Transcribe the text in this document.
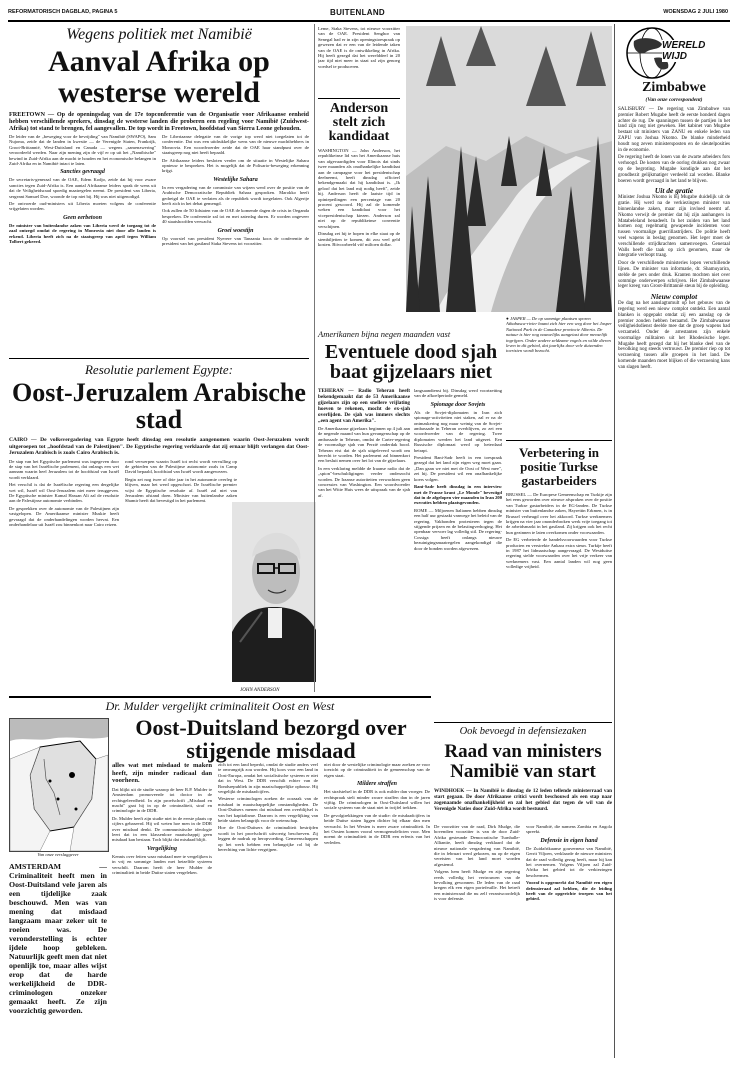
REFORMATORISCH DAGBLAD, PAGINA 5	BUITENLAND	WOENSDAG 2 JULI 1980
Wegens politiek met Namibië
Aanval Afrika op westerse wereld

FREETOWN — Op de openingsdag van de 17e topconferentie van de Organisatie voor Afrikaanse eenheid hebben verschillende sprekers, dinsdag de westerse landen die proberen een regeling voor Namibië (Zuidwest-Afrika) tot stand te brengen, fel aangevallen. De top wordt in Freetown, hoofdstad van Sierra Leone gehouden.

De leider van de „beweging voor de bevrijding" van Namibië (SWAPO), Sam Nujoma, zeide dat de landen in kwestie — de Verenigde Staten, Frankrijk, Groot-Brittannië, West-Duitsland en Canada — wegens „samenzwering" veroordeeld werden. Naar zijn mening zijn de vijf er op uit het „Namibische" bewind in Zuid-Afrika aan de macht te houden en het economische belangen in Zuid-Afrika en in Namibië intact te laten.

Sancties gevraagd

De secretaris-generaal van de OAE, Edem Kodjo, zeide dat hij voor zware sancties tegen Zuid-Afrika is. Een aantal Afrikaanse leiders sprak de wens uit dat de Veiligheidsraad spoedig maatregelen neemt. De president van Liberia, sergeant Samuel Doe, woonde de top niet bij. Hij was niet uitgenodigd.

De ontvoerde oud-ministers uit Liberia moeten volgens de conferentie vrijgelaten worden.

Geen eerbetoon

De minister van buitenlandse zaken van Liberia werd de toegang tot de zaal ontzegd omdat de regering in Monrovia niet door alle landen is erkend. Liberia heeft zich na de staatsgreep van april tegen William Tolbert gekeerd.

De Liberiaanse delegatie van de vorige top werd niet toegelaten tot de conferentie. Dat was een uitdrukkelijke wens van de nieuwe machthebbers in Monrovia. Een woordvoerder zeide dat de OAE haar standpunt over de staatsgreep nog niet heeft bepaald.

De Afrikaanse leiders besloten verder om de situatie in Westelijke Sahara opnieuw te bespreken. Het is mogelijk dat de Polisario-beweging erkenning krijgt.

Westelijke Sahara

In een vergadering van de commissie van wijzen werd over de positie van de Arabische Democratische Republiek Sahara gesproken. Marokko heeft gedreigd de OAE te verlaten als de republiek wordt toegelaten. Ook Algerije heeft zich in het debat gemengd.

Ook zullen de 50 lidstaten van de OAE de komende dagen de crisis in Oeganda bespreken. De conferentie zal tot en met zaterdag duren. Er worden ongeveer 40 staatshoofden verwacht.

Groei woestijn

Op voorstel van president Nyerere van Tanzania koos de conferentie de president van het gastland Siaka Stevens tot voorzitter.

Leme, Siaka Stevens, tot nieuwe voorzitter van de OAE. President Senghor van Senegal had er in zijn openingstoespraak op gewezen dat er een van de leidende taken van de OAE is de ontwikkeling in Afrika. Hij heeft gezegd dat het werelddeel in 20 jaar tijd niet meer in staat zal zijn genoeg voedsel te produceren.

Anderson stelt zich kandidaat

WASHINGTON — John Anderson, het republikeinse lid van het Amerikaanse huis van afgevaardigden voor Illinois dat sinds twee maanden als onafhankelijke kandidaat aan de campagne voor het presidentschap deelneemt, heeft dinsdag officieel bekendgemaakt dat hij kandidaat is. „Ik geloof dat het land mij nodig heeft", zeide hij. Anderson heeft de laatste tijd in opiniepeilingen een percentage van 20 procent gescoord. Hij zal de komende weken een kandidaat voor het vicepresidentschap kiezen. Anderson zal niet op de republikeinse conventie verschijnen.

Dinsdag zei hij te hopen in elke staat op de stembiljetten te komen, dit zou veel geld kosten. Bijvoorbeeld vijf miljoen dollar.

● JASPER — De op sommige plaatsen sporen Athabasca-rivier baant zich hier een weg door het Jasper National Park in de Canadese provincie Alberta. De natuur is hier nog nauwelijks aangetast door menselijk ingrijpen. Onder andere zeldzame vogels en wilde dieren leven in dit gebied, dat jaarlijks door vele duizenden toeristen wordt bezocht.
WERELD WIJD
Zimbabwe
(Van onze correspondent)

SALISBURY — De regering van Zimbabwe van premier Robert Mugabe heeft de eerste honderd dagen achter de rug. De spanningen tussen de partijen in het land zijn nog niet geweken. Het kabinet van Mugabe bestaat uit ministers van ZANU en enkele leden van ZAPU van Joshua Nkomo. De blanke minderheid houdt nog zeven ministersposten en de sleutelposities in de economie.

De regering heeft de lonen van de zwarte arbeiders fors verhoogd. De kosten van de oorlog drukken nog zwaar op de begroting. Mugabe kondigde aan dat het grondbezit gelijkmatiger verdeeld zal worden. Blanke boeren wordt gevraagd in het land te blijven.

Uit de gratie

Minister Joshua Nkomo is bij Mugabe duidelijk uit de gratie. Hij werd na de verkiezingen minister van binnenlandse zaken, maar zijn invloed neemt af. Nkomo verwijt de premier dat hij zijn aanhangers in Matabeleland benadeelt. In het zuiden van het land komen nog regelmatig gewapende incidenten voor tussen voormalige guerrillastrijders. De politie heeft veel wapens in beslag genomen. Het leger moet de verschillende strijdkrachten samenvoegen. Generaal Walls heeft die taak op zich genomen, maar de integratie verloopt traag.

Door de verschillende ministeries lopen verschillende lijnen. De minister van informatie, dr. Shamuyarira, stelde de pers onder druk. Kranten mochten niet over sommige onderwerpen schrijven. Het Zimbabwaanse leger kreeg van Groot-Brittannië steun bij de opleiding.

Nieuw complot

De dag na het aanslagtumult op het gebouw van de regering werd een nieuw complot ontdekt. Een aantal blanken is opgepakt omdat zij een aanslag op de premier zouden hebben beraamd. De Zimbabwaanse veiligheidsdienst deelde mee dat de groep wapens had verzameld. Onder de arrestanten zijn enkele voormalige militairen uit het Rhodesische leger. Mugabe heeft gezegd dat hij het blanke deel van de bevolking nog steeds vertrouwt. De premier riep op tot verzoening tussen alle groepen in het land. De komende maanden moet blijken of die verzoening kans van slagen heeft.

Amerikanen bijna negen maanden vast
Eventuele dood sjah baat gijzelaars niet

TEHERAN — Radio Teheran heeft bekendgemaakt dat de 53 Amerikaanse gijzelaars zijn op een snellere vrijlating hoeven te rekenen, mocht de ex-sjah overlijden. De sjah was immers slechts „een agent van Amerika".

De Amerikaanse gijzelaars beginnen op 4 juli aan de negende maand van hun gevangenschap op de ambassade in Teheran, omdat de Carter-regering de voormalige sjah van Perzië onderdak bood. Teheran eist dat de sjah uitgeleverd wordt om berecht te worden. Het parlement zal binnenkort een besluit nemen over het lot van de gijzelaars.

In een verklaring meldde de Iraanse radio dat de „spion"-beschuldigingen verder onderzocht worden. De Iraanse autoriteiten verwachten geen concessies van Washington. Een woordvoerder van het Witte Huis wees de uitspraak van de sjah af.

langsaandienst bij. Dinsdag werd voortzetting van de afkoelperiode gemeld.

Spionage door Sovjets

Als de Sovjet-diplomaten in Iran zich spionage-activiteiten niet staken, zal er na de ontmaskering nog maar weinig van de Sovjet-ambassade in Teheran overblijven, zo zei een woordvoerder van de regering. Twee diplomaten werden het land uitgezet. Een Russische diplomaat werd op heterdaad betrapt.

President Bani-Sadr heeft in een toespraak gezegd dat het land zijn eigen weg moet gaan. „Dan gaan we niet met de Oost of West mee", zei hij. De president wil een onafhankelijke koers volgen.

Bani-Sadr heeft dinsdag in een interview met de Franse krant „Le Monde" bevestigd dat in de afgelopen vier maanden in Iran 200 executies hebben plaatsgevonden.

ROME — Miljoenen Italianen hebben dinsdag een half uur gestaakt vanwege het beleid van de regering. Vakbonden protesteren tegen de stijgende prijzen en de belastingverhoging. Het openbaar vervoer lag volledig stil. De regering-Cossiga heeft onlangs nieuwe bezuinigingsmaatregelen aangekondigd die door de bonden worden afgewezen.

Verbetering in positie Turkse gastarbeiders

BRUSSEL — De Europese Gemeenschap en Turkije zijn het eens geworden over nieuwe afspraken over de positie van Turkse gastarbeiders in de EG-landen. De Turkse minister van buitenlandse zaken, Hayrettin Erkmen, is in Brussel verheugd over het akkoord. Turkse werknemers krijgen na vier jaar ononderbroken werk vrije toegang tot de arbeidsmarkt in het gastland. Zij krijgen ook het recht hun gezinnen te laten overkomen onder voorwaarden.

De EG verbeterde de handelsvoorwaarden voor Turkse producten en verstrekte Ankara extra steun. Turkije heeft in 1987 het lidmaatschap aangevraagd. De Westduitse regering stelde voorwaarden over het vrije verkeer van werknemers vast. Een aantal landen wil nog geen volledige vrijheid.

Resolutie parlement Egypte:
Oost-Jeruzalem Arabische stad

CAIRO — De volksvergadering van Egypte heeft dinsdag een resolutie aangenomen waarin Oost-Jeruzalem wordt uitgeroepen tot „hoofdstad van de Palestijnen". De Egyptische regering verklaarde dat zij ernaar blijft verlangen dat Oost-Jeruzalem Arabisch is zoals Cairo Arabisch is.

De stap van het Egyptische parlement was ingegeven door de stap van het Israëlische parlement, dat onlangs een wet aannam waarin heel Jeruzalem tot de hoofdstad van Israël wordt verklaard.

Het verschil is dat de Israëlische regering een dergelijke wet wil, Israël wil Oost-Jeruzalem niet meer teruggeven. De Egyptische minister Kamal Hassan Ali zal de resolutie aan de Palestijnse autonomie verbinden.

De gesprekken over de autonomie van de Palestijnen zijn vastgelopen. De Amerikaanse minister Muskie heeft gevraagd dat de onderhandelingen worden hervat. Een onderhandelaar uit Israël zou binnenkort naar Cairo reizen.

rond verwerpen waarin Israël tot recht wordt vervulling op de gebieden van de Palestijnse autonomie zoals in Camp David bepaald, hoofdstad van Israël wordt aangewezen.

Begin zei nog twee of drie jaar in het autonomie overleg te blijven, maar het werd opgeschort. De Israëlische premier wijst de Egyptische resolutie af. Israël zal niet van Jeruzalem afstand doen. Minister van buitenlandse zaken Shamir heeft dat bevestigd in het parlement.

JOHN ANDERSON
Dr. Mulder vergelijkt criminaliteit Oost en West
Oost-Duitsland bezorgd over stijgende misdaad
Van onze verslaggever
AMSTERDAM — Criminaliteit heeft men in Oost-Duitsland vele jaren als een tijdelijke zaak beschouwd. Men was van mening dat misdaad langzaam maar zeker uit te roeien was. De veronderstelling is echter ijdele hoop gebleken. Natuurlijk geeft men dat niet openlijk toe, maar alles wijst erop dat de harde werkelijkheid de DDR-criminologen onzeker gemaakt heeft. Ze zijn voorzichtig geworden.

alles wat met misdaad te maken heeft, zijn minder radicaal dan voorheen.

Dat blijkt uit de studie waarop de heer R.P. Mulder te Amsterdam promoveerde tot doctor in de rechtsgeleerdheid. In zijn proefschrift „Misdaad en macht" gaat hij in op de criminaliteit, straf en criminologie in de DDR.

Dr. Mulder heeft zijn studie niet in de eerste plaats op cijfers gebaseerd. Hij wil weten hoe men in de DDR over misdaad denkt. De communistische ideologie leert dat in een klassenloze maatschappij geen misdaad kan bestaan. Toch blijkt dat misdaad blijft.

Vergelijking

Kennis over feiten waar misdaad mee te vergelijken is in vrij en sommige landen met hetzelfde systeem verschilt. Daarom heeft de heer Mulder de criminaliteit in beide Duitse staten vergeleken.

zich tot een land beperkt, omdat de studie anders veel te omvangrijk zou worden. Hij koos voor een land in Oost-Europa, omdat het socialistische systeem er niet dat in West. De DDR verschilt echter van de Bondsrepubliek in zijn maatschappelijke opbouw. Hij vergelijkt de misdaadcijfers.

Westerse criminologen zoeken de oorzaak van de misdaad in maatschappelijke omstandigheden. De Oost-Duitsers menen dat misdaad een overblijfsel is van het kapitalisme. Daarom is een vergelijking van beide staten belangrijk voor de wetenschap.

Hoe de Oost-Duitsers de criminaliteit bestrijden wordt in het proefschrift uitvoerig beschreven. Zij leggen de nadruk op heropvoeding. Gemeenschappen op het werk hebben een belangrijke rol bij de berechting van lichte vergrijpen.

niet door de westelijke criminologie maar zoeken ze voor toezicht op de criminaliteit in de gemeenschap van de eigen staat.

Mildere straffen

Het strafstelsel in de DDR is ook milder dan vroeger. De rechtspraak stelt minder zware straffen dan in de jaren vijftig. De criminologen in Oost-Duitsland willen het sociale systeem van de staat niet in twijfel trekken.

De gevolgtrekkingen van de studie: de misdaadcijfers in beide Duitse staten liggen dichter bij elkaar dan men verwacht. In het Westen is meer zware criminaliteit. In het Oosten komen vooral vermogensdelicten voor. Men noemt de criminaliteit in de DDR een erfenis van het verleden.

Ook bevoegd in defensiezaken
Raad van ministers Namibië van start
WINDHOEK — In Namibië is dinsdag de 12 leden tellende ministerraad van start gegaan. De door Afrikaanse critici wordt beschouwd als een stap naar zogenaamde onafhankelijkheid en zal het gebied dat tegen de wil van de Verenigde Naties door Zuid-Afrika wordt bestuurd.

De voorzitter van de raad, Dirk Mudge, die bovendien voorzitter is van de door Zuid-Afrika gesteunde Democratische Turnhalle-Alliantie, heeft dinsdag verklaard dat de nieuwe nationale vergadering van Namibië, die in februari werd gekozen, nu op de eigen vereisten van het land moet worden afgestemd.

Volgens hem heeft Mudge en zijn regering reeds volledig het vertrouwen van de bevolking gewonnen. De leden van de raad kregen elk een eigen portefeuille. Het betreft een ministerraad die nu zelf verantwoordelijk is voor defensie.

voor Namibië, die namens Zambia en Angola spreekt.

Defensie in eigen hand

De Zuidafrikaanse gouverneur van Namibië, Gerrit Viljoen, verklaarde de nieuwe ministers dat de raad volledig gezag heeft, maar hij kan het overnemen. Volgens Viljoen zal Zuid-Afrika het gebied tot de verkiezingen beschermen.

Vooraf is opgemerkt dat Namibië een eigen defensieraad zal hebben, die de leiding heeft van de opgerichte troepen van het gebied.
